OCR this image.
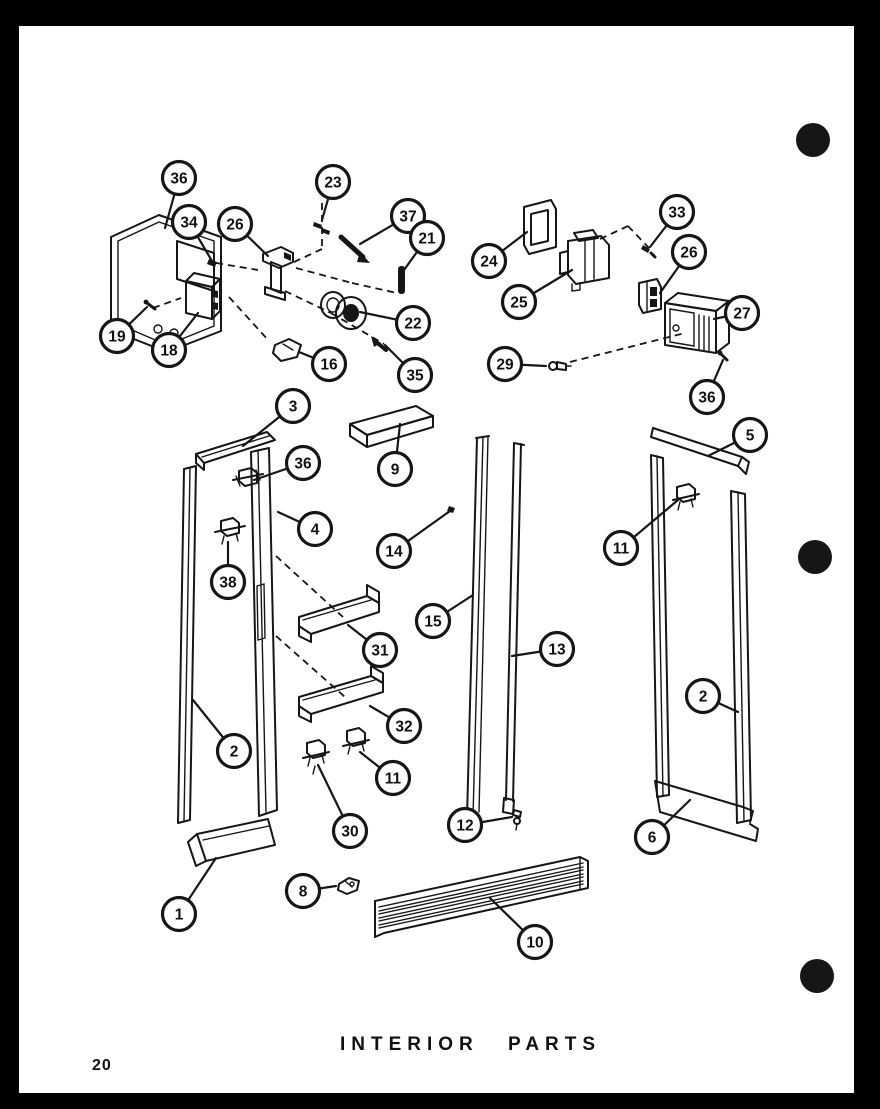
36
34 26
23
37
21
19
18
16
22
35
24
33
26
25
27
29
36
3
36	9
4
14
38
5
11
15
13
31
2
32
2
11
30	12
6
1
8
10
INTERIOR PARTS
20
